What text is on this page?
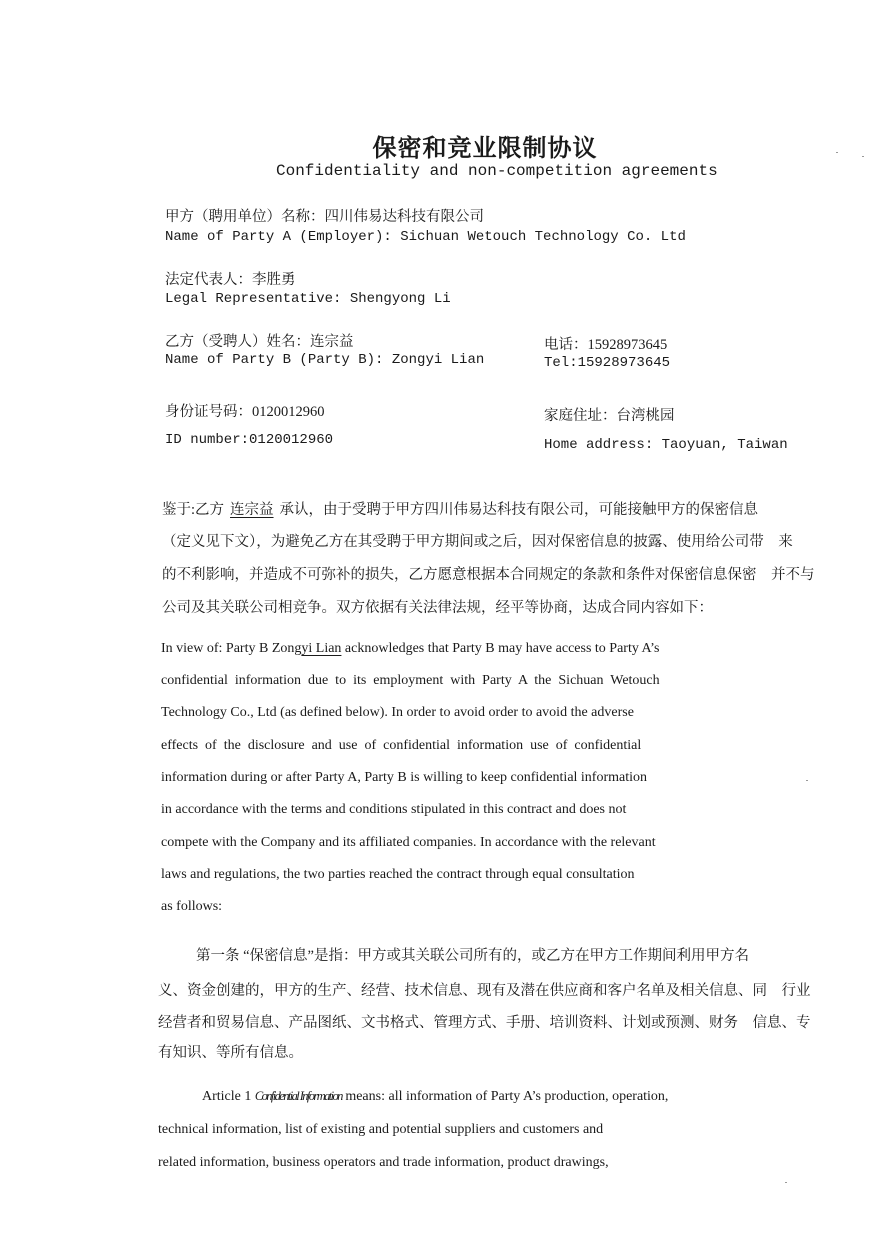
保密和竞业限制协议
Confidentiality and non-competition agreements
甲方（聘用单位）名称：四川伟易达科技有限公司
Name of Party A (Employer): Sichuan Wetouch Technology Co. Ltd
法定代表人：李胜勇
Legal Representative: Shengyong Li
乙方（受聘人）姓名：连宗益
Name of Party B (Party B): Zongyi Lian
电话：15928973645
Tel:15928973645
身份证号码：0120012960
ID number:0120012960
家庭住址：台湾桃园
Home address: Taoyuan, Taiwan
鉴于:乙方 连宗益 承认，由于受聘于甲方四川伟易达科技有限公司，可能接触甲方的保密信息
（定义见下文），为避免乙方在其受聘于甲方期间或之后，因对保密信息的披露、使用给公司带　来
的不利影响，并造成不可弥补的损失，乙方愿意根据本合同规定的条款和条件对保密信息保密　并不与
公司及其关联公司相竞争。双方依据有关法律法规，经平等协商，达成合同内容如下：
In view of: Party B Zongyi Lian acknowledges that Party B may have access to Party A’s
confidential  information  due  to  its  employment  with  Party  A  the  Sichuan  Wetouch
Technology Co., Ltd (as defined below). In order to avoid order to avoid the adverse
effects  of  the  disclosure  and  use  of  confidential  information  use  of  confidential
information during or after Party A, Party B is willing to keep confidential information
in accordance with the terms and conditions stipulated in this contract and does not
compete with the Company and its affiliated companies. In accordance with the relevant
laws and regulations, the two parties reached the contract through equal consultation
as follows:
第一条 “保密信息”是指：甲方或其关联公司所有的，或乙方在甲方工作期间利用甲方名
义、资金创建的，甲方的生产、经营、技术信息、现有及潜在供应商和客户名单及相关信息、同　行业
经营者和贸易信息、产品图纸、文书格式、管理方式、手册、培训资料、计划或预测、财务　信息、专
有知识、等所有信息。
Article 1 Confidential Information means: all information of Party A’s production, operation,
technical information, list of existing and potential suppliers and customers and
related information, business operators and trade information, product drawings,
